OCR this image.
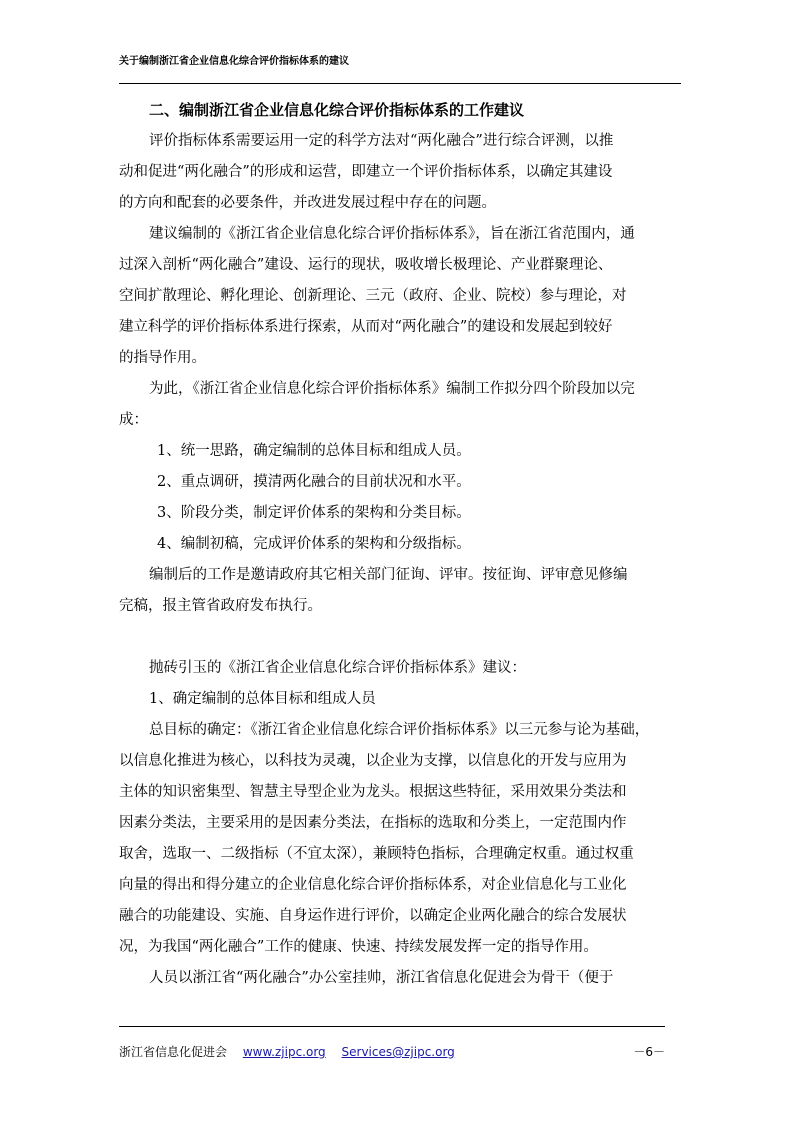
关于编制浙江省企业信息化综合评价指标体系的建议
二、编制浙江省企业信息化综合评价指标体系的工作建议
评价指标体系需要运用一定的科学方法对“两化融合”进行综合评测，以推
动和促进“两化融合”的形成和运营，即建立一个评价指标体系，以确定其建设
的方向和配套的必要条件，并改进发展过程中存在的问题。
建议编制的《浙江省企业信息化综合评价指标体系》，旨在浙江省范围内，通
过深入剖析“两化融合”建设、运行的现状，吸收增长极理论、产业群聚理论、
空间扩散理论、孵化理论、创新理论、三元（政府、企业、院校）参与理论，对
建立科学的评价指标体系进行探索，从而对“两化融合”的建设和发展起到较好
的指导作用。
为此，《浙江省企业信息化综合评价指标体系》编制工作拟分四个阶段加以完
成：
1、统一思路，确定编制的总体目标和组成人员。
2、重点调研，摸清两化融合的目前状况和水平。
3、阶段分类，制定评价体系的架构和分类目标。
4、编制初稿，完成评价体系的架构和分级指标。
编制后的工作是邀请政府其它相关部门征询、评审。按征询、评审意见修编
完稿，报主管省政府发布执行。
抛砖引玉的《浙江省企业信息化综合评价指标体系》建议：
1、确定编制的总体目标和组成人员
总目标的确定：《浙江省企业信息化综合评价指标体系》以三元参与论为基础，
以信息化推进为核心，以科技为灵魂，以企业为支撑，以信息化的开发与应用为
主体的知识密集型、智慧主导型企业为龙头。根据这些特征，采用效果分类法和
因素分类法，主要采用的是因素分类法，在指标的选取和分类上，一定范围内作
取舍，选取一、二级指标（不宜太深），兼顾特色指标，合理确定权重。通过权重
向量的得出和得分建立的企业信息化综合评价指标体系，对企业信息化与工业化
融合的功能建设、实施、自身运作进行评价，以确定企业两化融合的综合发展状
况，为我国“两化融合”工作的健康、快速、持续发展发挥一定的指导作用。
人员以浙江省“两化融合”办公室挂帅，浙江省信息化促进会为骨干（便于
浙江省信息化促进会 www.zjipc.org Services@zjipc.org	－6－
